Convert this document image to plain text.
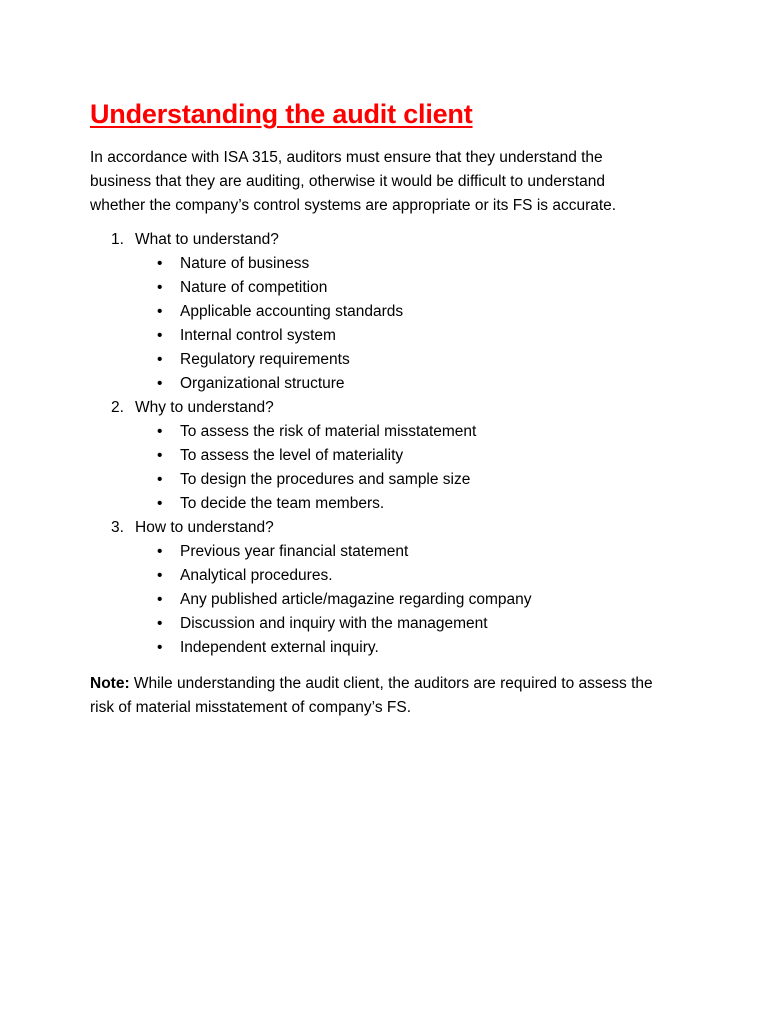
Understanding the audit client

In accordance with ISA 315, auditors must ensure that they understand the business that they are auditing, otherwise it would be difficult to understand whether the company’s control systems are appropriate or its FS is accurate.

1. What to understand?
•	Nature of business
•	Nature of competition
•	Applicable accounting standards
•	Internal control system
•	Regulatory requirements
•	Organizational structure
2. Why to understand?
•	To assess the risk of material misstatement
•	To assess the level of materiality
•	To design the procedures and sample size
•	To decide the team members.
3. How to understand?
•	Previous year financial statement
•	Analytical procedures.
•	Any published article/magazine regarding company
•	Discussion and inquiry with the management
•	Independent external inquiry.

Note: While understanding the audit client, the auditors are required to assess the risk of material misstatement of company’s FS.
